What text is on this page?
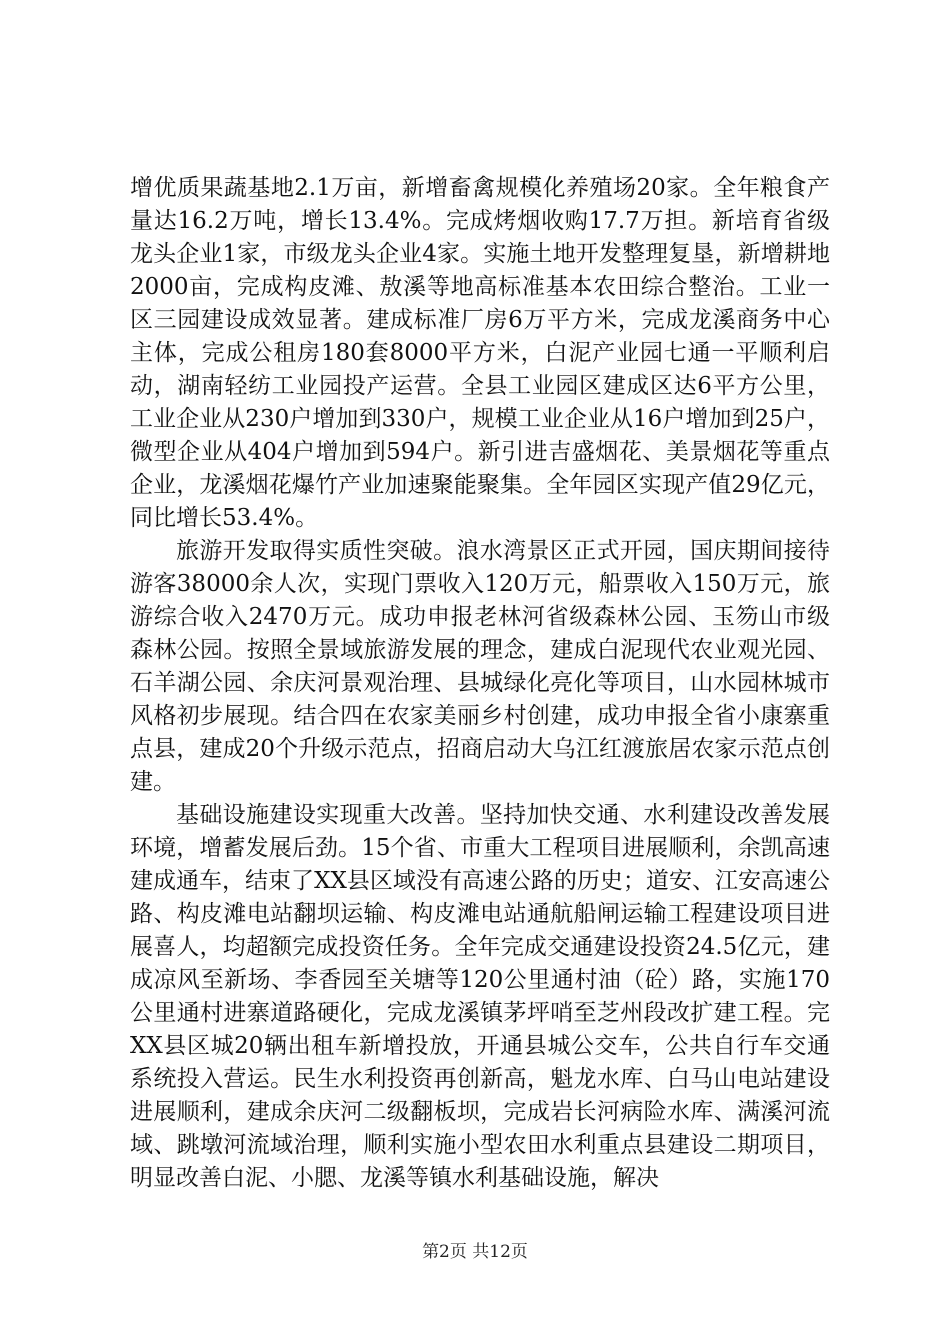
增优质果蔬基地2.1万亩，新增畜禽规模化养殖场20家。全年粮食产量达16.2万吨，增长13.4%。完成烤烟收购17.7万担。新培育省级龙头企业1家，市级龙头企业4家。实施土地开发整理复垦，新增耕地2000亩，完成构皮滩、敖溪等地高标准基本农田综合整治。工业一区三园建设成效显著。建成标准厂房6万平方米，完成龙溪商务中心主体，完成公租房180套8000平方米，白泥产业园七通一平顺利启动，湖南轻纺工业园投产运营。全县工业园区建成区达6平方公里，工业企业从230户增加到330户，规模工业企业从16户增加到25户，微型企业从404户增加到594户。新引进吉盛烟花、美景烟花等重点企业，龙溪烟花爆竹产业加速聚能聚集。全年园区实现产值29亿元，同比增长53.4%。

旅游开发取得实质性突破。浪水湾景区正式开园，国庆期间接待游客38000余人次，实现门票收入120万元，船票收入150万元，旅游综合收入2470万元。成功申报老林河省级森林公园、玉笏山市级森林公园。按照全景域旅游发展的理念，建成白泥现代农业观光园、石羊湖公园、余庆河景观治理、县城绿化亮化等项目，山水园林城市风格初步展现。结合四在农家美丽乡村创建，成功申报全省小康寨重点县，建成20个升级示范点，招商启动大乌江红渡旅居农家示范点创建。

基础设施建设实现重大改善。坚持加快交通、水利建设改善发展环境，增蓄发展后劲。15个省、市重大工程项目进展顺利，余凯高速建成通车，结束了XX县区域没有高速公路的历史；道安、江安高速公路、构皮滩电站翻坝运输、构皮滩电站通航船闸运输工程建设项目进展喜人，均超额完成投资任务。全年完成交通建设投资24.5亿元，建成凉风至新场、李香园至关塘等120公里通村油（砼）路，实施170公里通村进寨道路硬化，完成龙溪镇茅坪哨至芝州段改扩建工程。完XX县区城20辆出租车新增投放，开通县城公交车，公共自行车交通系统投入营运。民生水利投资再创新高，魁龙水库、白马山电站建设进展顺利，建成余庆河二级翻板坝，完成岩长河病险水库、满溪河流域、跳墩河流域治理，顺利实施小型农田水利重点县建设二期项目，明显改善白泥、小腮、龙溪等镇水利基础设施，解决

第2页 共12页
